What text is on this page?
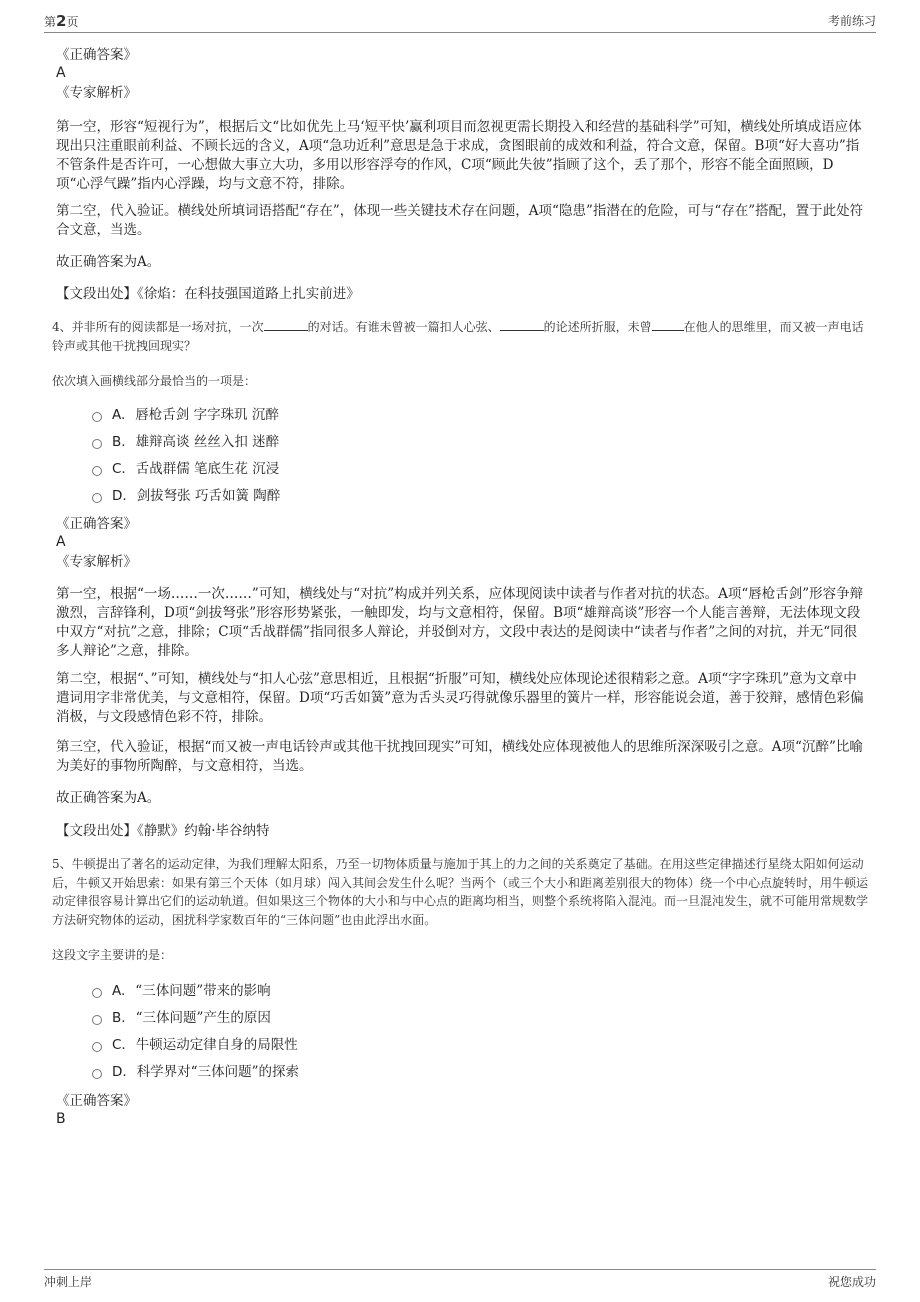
第2页	考前练习
《正确答案》
A
《专家解析》
第一空，形容“短视行为”，根据后文“比如优先上马‘短平快’赢利项目而忽视更需长期投入和经营的基础科学”可知，横线处所填成语应体现出只注重眼前利益、不顾长远的含义，A项“急功近利”意思是急于求成，贪图眼前的成效和利益，符合文意，保留。B项“好大喜功”指不管条件是否许可，一心想做大事立大功，多用以形容浮夸的作风，C项“顾此失彼”指顾了这个，丢了那个，形容不能全面照顾，D项“心浮气躁”指内心浮躁，均与文意不符，排除。
第二空，代入验证。横线处所填词语搭配“存在”，体现一些关键技术存在问题，A项“隐患”指潜在的危险，可与“存在”搭配，置于此处符合文意，当选。
故正确答案为A。
【文段出处】《徐焰：在科技强国道路上扎实前进》
4、并非所有的阅读都是一场对抗，一次	的对话。有谁未曾被一篇扣人心弦、	的论述所折服，未曾	在他人的思维里，而又被一声电话铃声或其他干扰拽回现实？
依次填入画横线部分最恰当的一项是：
A. 唇枪舌剑 字字珠玑 沉醉
B. 雄辩高谈 丝丝入扣 迷醉
C. 舌战群儒 笔底生花 沉浸
D. 剑拔弩张 巧舌如簧 陶醉
《正确答案》
A
《专家解析》
第一空，根据“一场……一次……”可知，横线处与“对抗”构成并列关系，应体现阅读中读者与作者对抗的状态。A项“唇枪舌剑”形容争辩激烈，言辞锋利，D项“剑拔弩张”形容形势紧张，一触即发，均与文意相符，保留。B项“雄辩高谈”形容一个人能言善辩，无法体现文段中双方“对抗”之意，排除；C项“舌战群儒”指同很多人辩论，并驳倒对方，文段中表达的是阅读中“读者与作者”之间的对抗，并无“同很多人辩论”之意，排除。
第二空，根据“、”可知，横线处与“扣人心弦”意思相近，且根据“折服”可知，横线处应体现论述很精彩之意。A项“字字珠玑”意为文章中遣词用字非常优美，与文意相符，保留。D项“巧舌如簧”意为舌头灵巧得就像乐器里的簧片一样，形容能说会道，善于狡辩，感情色彩偏消极，与文段感情色彩不符，排除。
第三空，代入验证，根据“而又被一声电话铃声或其他干扰拽回现实”可知，横线处应体现被他人的思维所深深吸引之意。A项“沉醉”比喻为美好的事物所陶醉，与文意相符，当选。
故正确答案为A。
【文段出处】《静默》约翰·毕谷纳特
5、牛顿提出了著名的运动定律，为我们理解太阳系，乃至一切物体质量与施加于其上的力之间的关系奠定了基础。在用这些定律描述行星绕太阳如何运动后，牛顿又开始思索：如果有第三个天体（如月球）闯入其间会发生什么呢？当两个（或三个大小和距离差别很大的物体）绕一个中心点旋转时，用牛顿运动定律很容易计算出它们的运动轨道。但如果这三个物体的大小和与中心点的距离均相当，则整个系统将陷入混沌。而一旦混沌发生，就不可能用常规数学方法研究物体的运动，困扰科学家数百年的“三体问题”也由此浮出水面。
这段文字主要讲的是：
A. “三体问题”带来的影响
B. “三体问题”产生的原因
C. 牛顿运动定律自身的局限性
D. 科学界对“三体问题”的探索
《正确答案》
B
冲刺上岸	祝您成功
